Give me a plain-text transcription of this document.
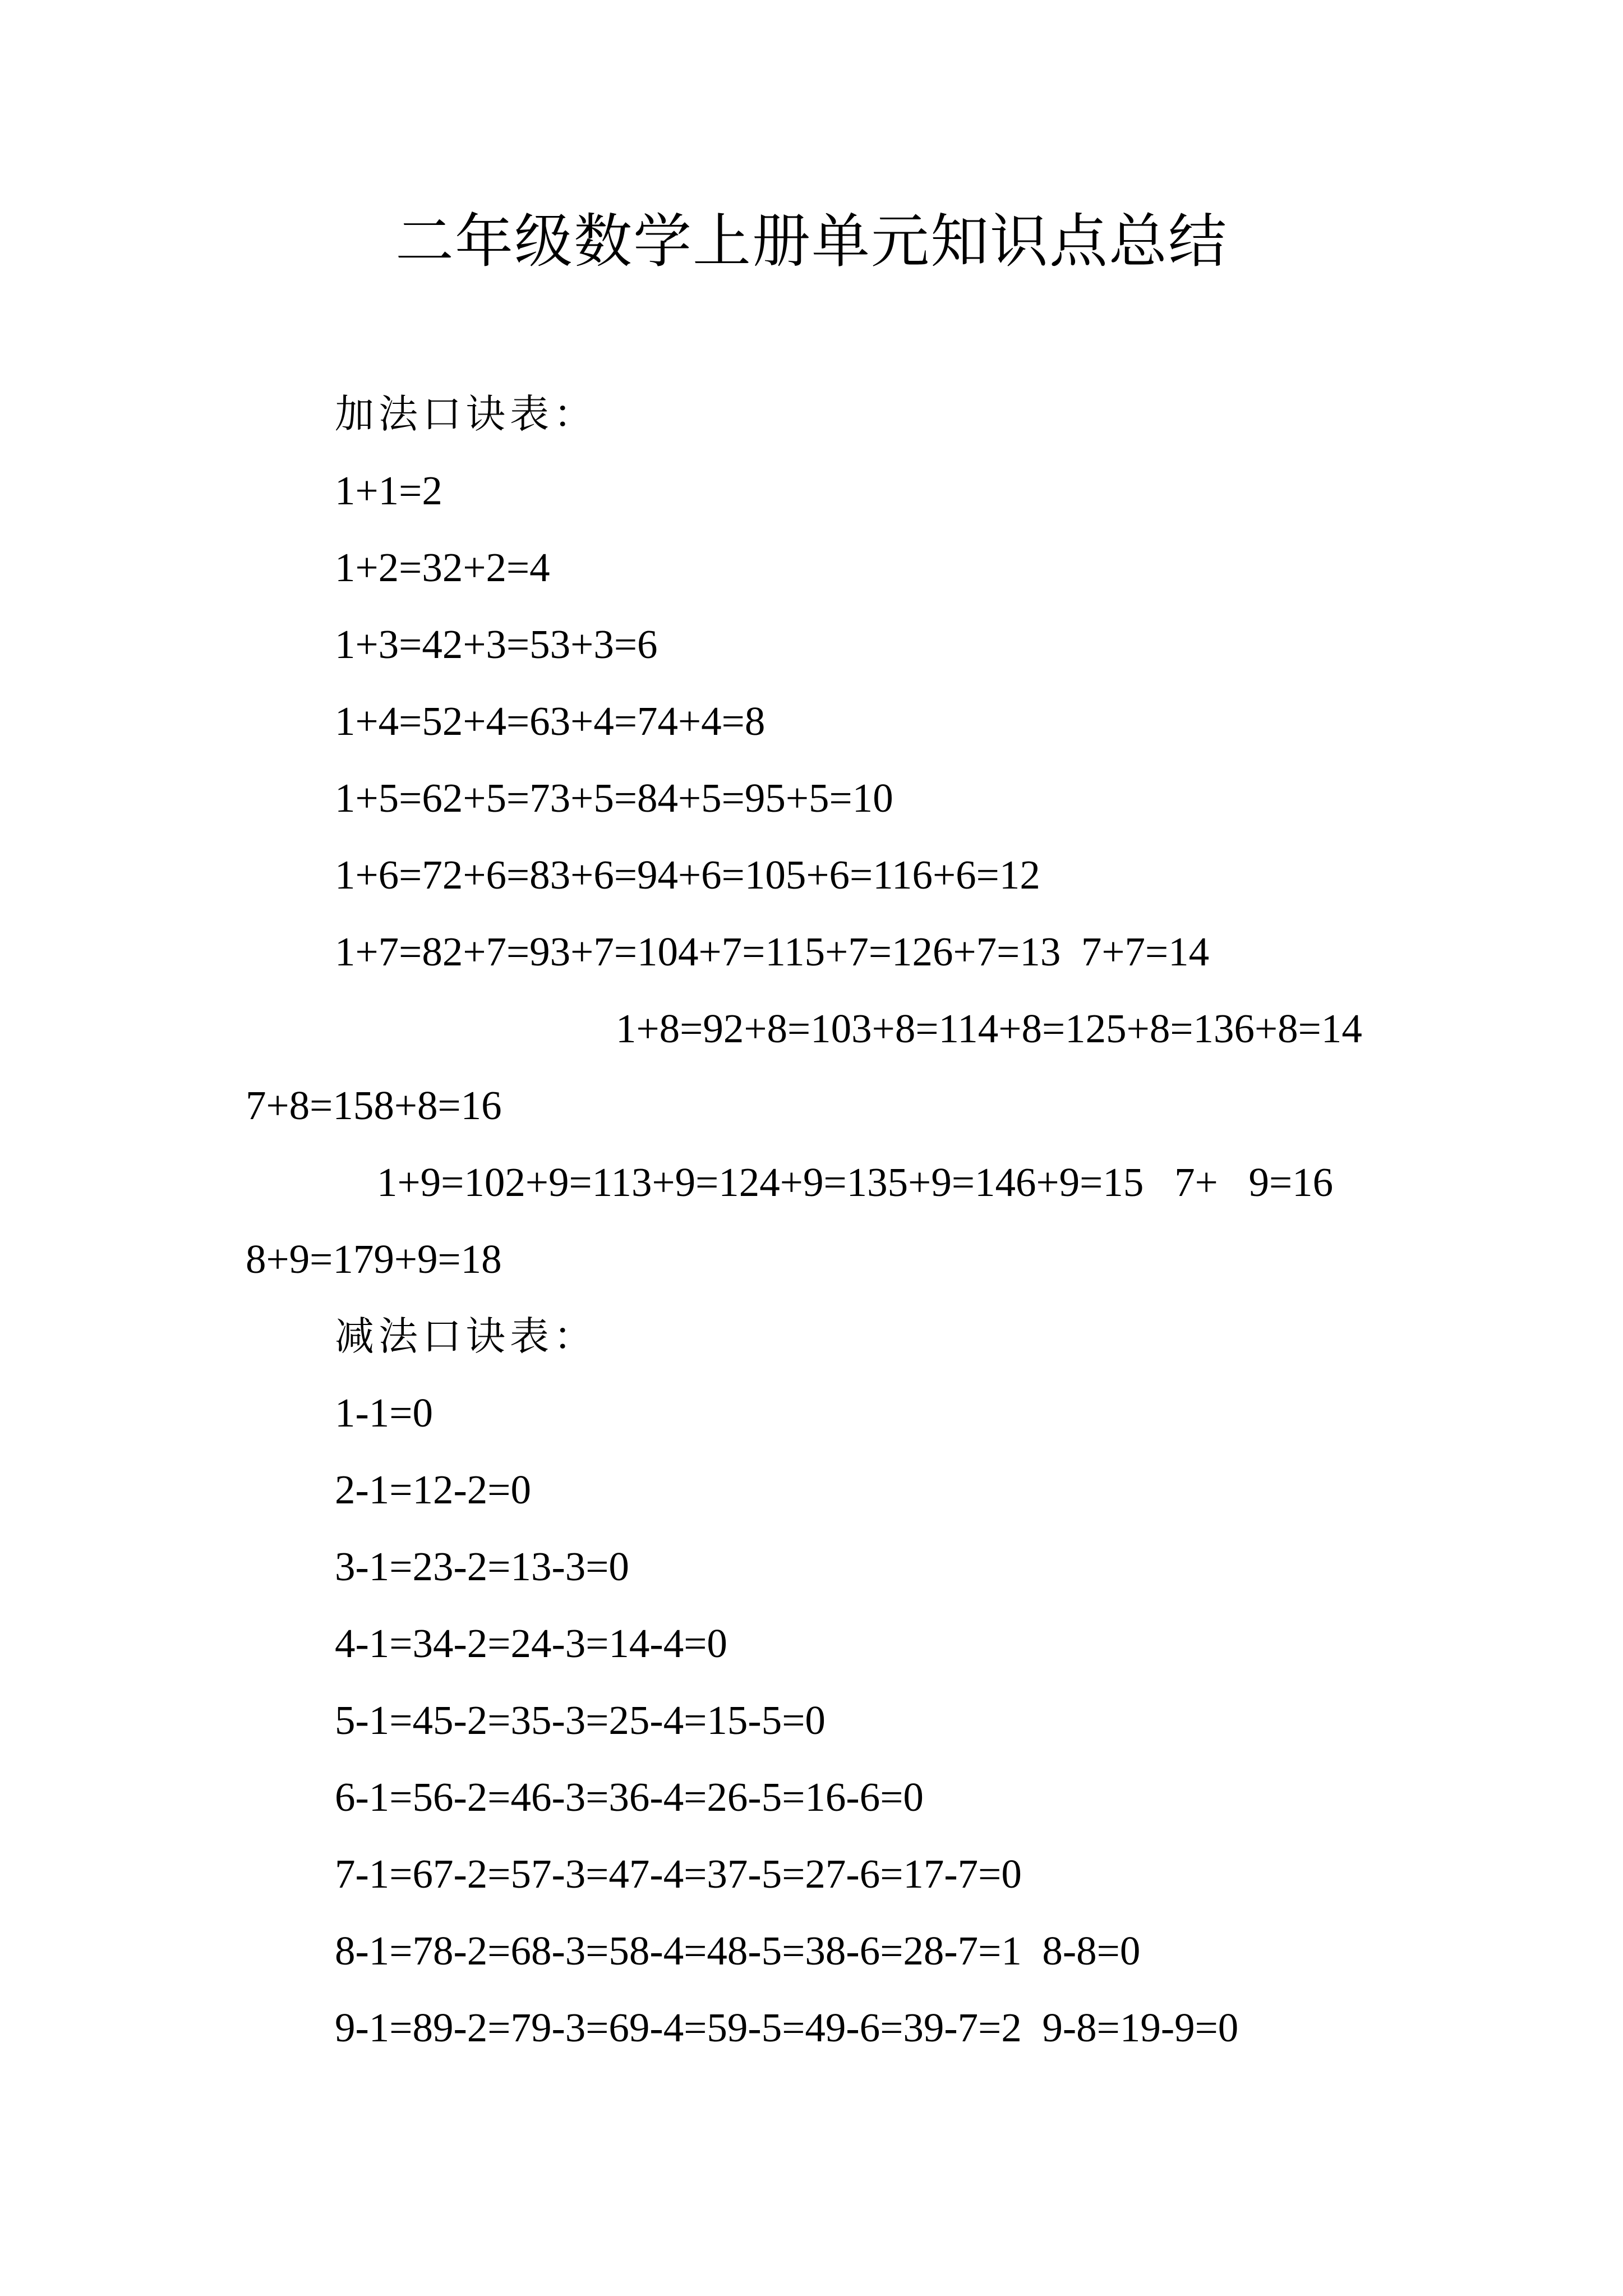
二年级数学上册单元知识点总结
加法口诀表：
1+1=2
1+2=32+2=4
1+3=42+3=53+3=6
1+4=52+4=63+4=74+4=8
1+5=62+5=73+5=84+5=95+5=10
1+6=72+6=83+6=94+6=105+6=116+6=12
1+7=82+7=93+7=104+7=115+7=126+7=13  7+7=14
1+8=92+8=103+8=114+8=125+8=136+8=14
7+8=158+8=16
1+9=102+9=113+9=124+9=135+9=146+9=15   7+   9=16
8+9=179+9=18
减法口诀表：
1-1=0
2-1=12-2=0
3-1=23-2=13-3=0
4-1=34-2=24-3=14-4=0
5-1=45-2=35-3=25-4=15-5=0
6-1=56-2=46-3=36-4=26-5=16-6=0
7-1=67-2=57-3=47-4=37-5=27-6=17-7=0
8-1=78-2=68-3=58-4=48-5=38-6=28-7=1  8-8=0
9-1=89-2=79-3=69-4=59-5=49-6=39-7=2  9-8=19-9=0
